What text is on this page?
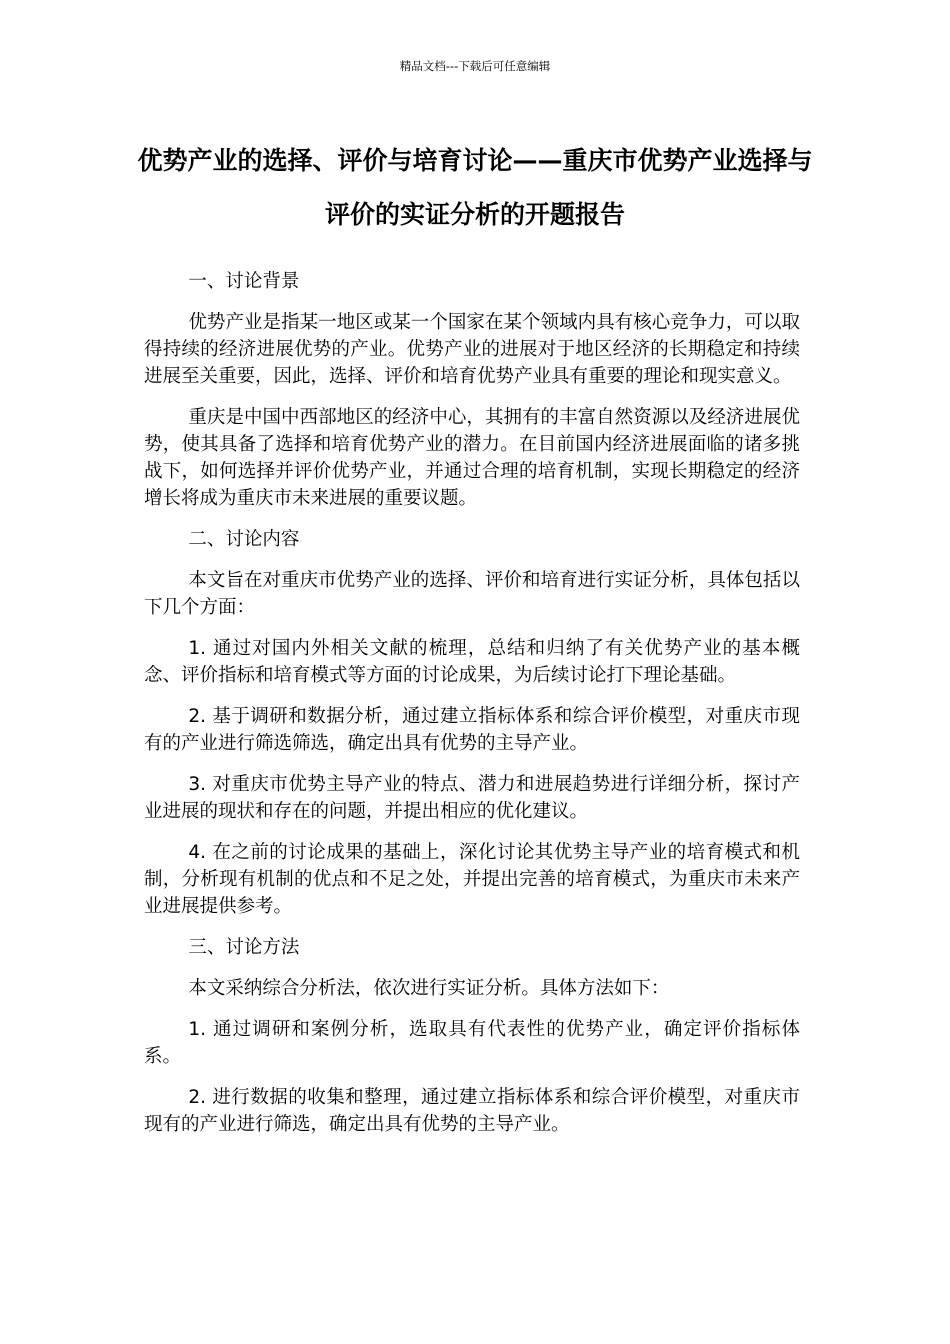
精品文档---下载后可任意编辑
优势产业的选择、评价与培育讨论——重庆市优势产业选择与评价的实证分析的开题报告

一、讨论背景

优势产业是指某一地区或某一个国家在某个领域内具有核心竞争力，可以取得持续的经济进展优势的产业。优势产业的进展对于地区经济的长期稳定和持续进展至关重要，因此，选择、评价和培育优势产业具有重要的理论和现实意义。

重庆是中国中西部地区的经济中心，其拥有的丰富自然资源以及经济进展优势，使其具备了选择和培育优势产业的潜力。在目前国内经济进展面临的诸多挑战下，如何选择并评价优势产业，并通过合理的培育机制，实现长期稳定的经济增长将成为重庆市未来进展的重要议题。

二、讨论内容

本文旨在对重庆市优势产业的选择、评价和培育进行实证分析，具体包括以下几个方面：

1. 通过对国内外相关文献的梳理，总结和归纳了有关优势产业的基本概念、评价指标和培育模式等方面的讨论成果，为后续讨论打下理论基础。

2. 基于调研和数据分析，通过建立指标体系和综合评价模型，对重庆市现有的产业进行筛选筛选，确定出具有优势的主导产业。

3. 对重庆市优势主导产业的特点、潜力和进展趋势进行详细分析，探讨产业进展的现状和存在的问题，并提出相应的优化建议。

4. 在之前的讨论成果的基础上，深化讨论其优势主导产业的培育模式和机制，分析现有机制的优点和不足之处，并提出完善的培育模式，为重庆市未来产业进展提供参考。

三、讨论方法

本文采纳综合分析法，依次进行实证分析。具体方法如下：

1. 通过调研和案例分析，选取具有代表性的优势产业，确定评价指标体系。

2. 进行数据的收集和整理，通过建立指标体系和综合评价模型，对重庆市现有的产业进行筛选，确定出具有优势的主导产业。
